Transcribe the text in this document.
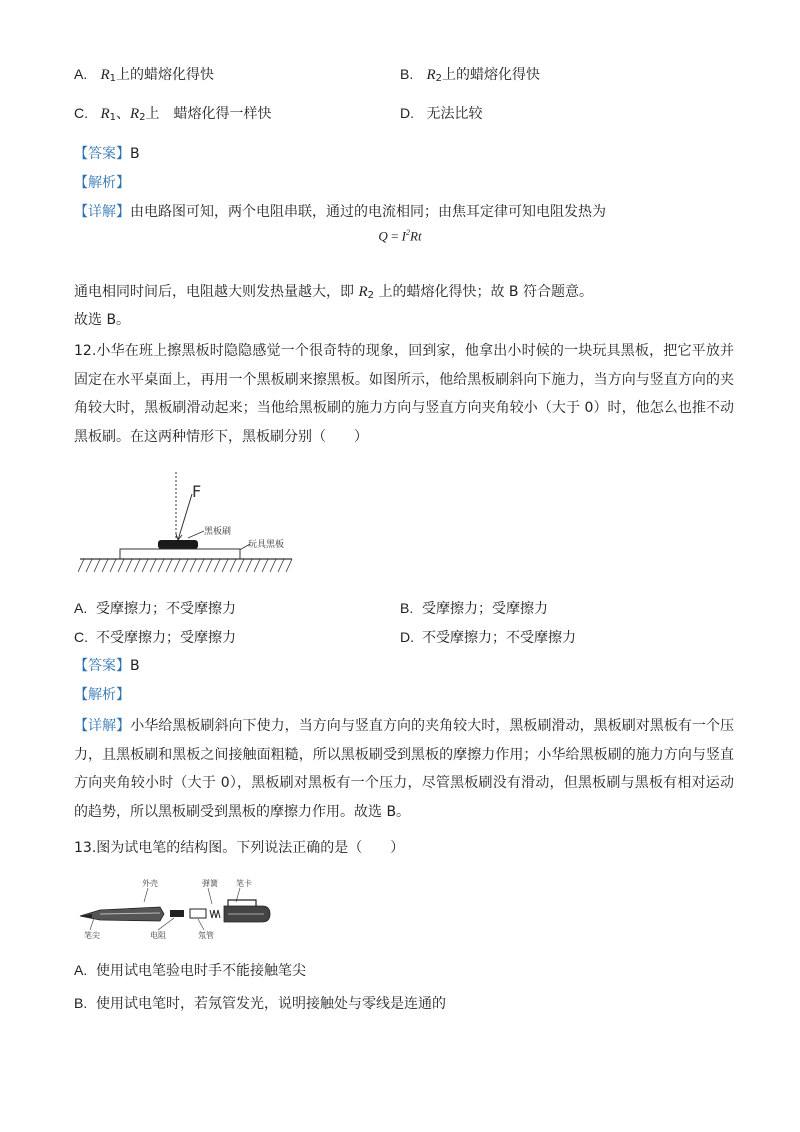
A. $R_1$上的蜡熔化得快	B. $R_2$上的蜡熔化得快
C. $R_1$、$R_2$上　蜡熔化得一样快	D. 无法比较
【答案】B
【解析】
【详解】由电路图可知，两个电阻串联，通过的电流相同；由焦耳定律可知电阻发热为
$Q = I^2Rt$
通电相同时间后，电阻越大则发热量越大，即 $R_2$ 上的蜡熔化得快；故 B 符合题意。
故选 B。
12.小华在班上擦黑板时隐隐感觉一个很奇特的现象，回到家，他拿出小时候的一块玩具黑板，把它平放并固定在水平桌面上，再用一个黑板刷来擦黑板。如图所示，他给黑板刷斜向下施力，当方向与竖直方向的夹角较大时，黑板刷滑动起来；当他给黑板刷的施力方向与竖直方向夹角较小（大于 0）时，他怎么也推不动黑板刷。在这两种情形下，黑板刷分别（　　）
F
黑板刷
玩具黑板
A. 受摩擦力；不受摩擦力	B. 受摩擦力；受摩擦力
C. 不受摩擦力；受摩擦力	D. 不受摩擦力；不受摩擦力
【答案】B
【解析】
【详解】小华给黑板刷斜向下使力，当方向与竖直方向的夹角较大时，黑板刷滑动，黑板刷对黑板有一个压力，且黑板刷和黑板之间接触面粗糙，所以黑板刷受到黑板的摩擦力作用；小华给黑板刷的施力方向与竖直方向夹角较小时（大于 0），黑板刷对黑板有一个压力，尽管黑板刷没有滑动，但黑板刷与黑板有相对运动的趋势，所以黑板刷受到黑板的摩擦力作用。故选 B。
13.图为试电笔的结构图。下列说法正确的是（　　）
外壳	弹簧 笔卡
笔尖	电阻	氖管
A. 使用试电笔验电时手不能接触笔尖
B. 使用试电笔时，若氖管发光，说明接触处与零线是连通的
